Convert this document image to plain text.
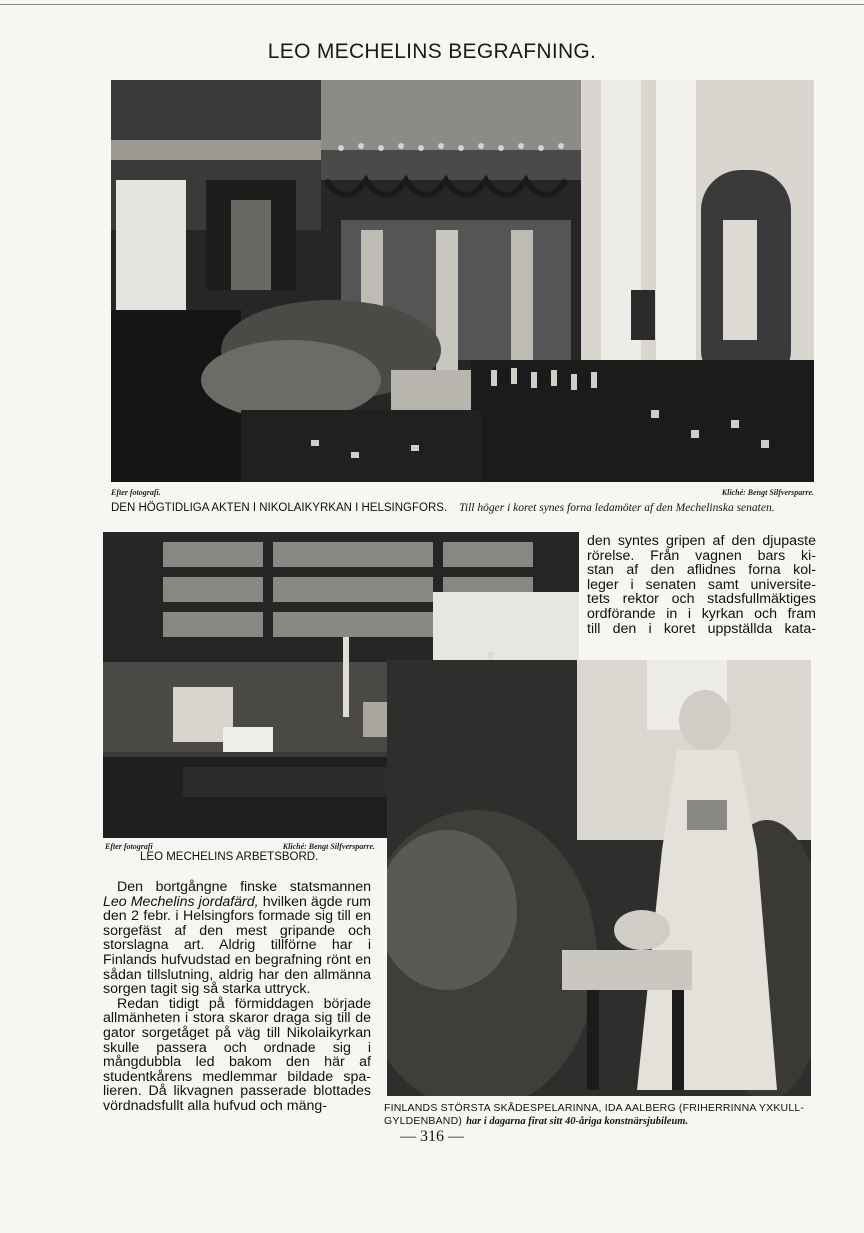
LEO MECHELINS BEGRAFNING.
Efter fotografi.	Kliché: Bengt Silfversparre.
DEN HÖGTIDLIGA AKTEN I NIKOLAIKYRKAN I HELSINGFORS. Till höger i koret synes forna ledamöter af den Mechelinska senaten.
Efter fotografi	Kliché: Bengt Silfversparre.
LEO MECHELINS ARBETSBORD.
den syntes gripen af den djupaste
rörelse. Från vagnen bars ki-
stan af den aflidnes forna kol-
leger i senaten samt universite-
tets rektor och stadsfullmäktiges
ordförande in i kyrkan och fram
till den i koret uppställda kata-

Den bortgångne finske statsmannen Leo Mechelins jordafärd, hvilken ägde rum den 2 febr. i Helsingfors formade sig till en sorgefäst af den mest gripande och storslagna art. Aldrig tillförne har i Finlands hufvudstad en begrafning rönt en sådan tillslutning, aldrig har den allmänna sorgen tagit sig så starka uttryck.

Redan tidigt på förmiddagen började allmänheten i stora skaror draga sig till de gator sorgetåget på väg till Nikolaikyrkan skulle passera och ordnade sig i mångdubbla led bakom den här af studentkårens medlemmar bildade spalieren. Då likvagnen passerade blottades vördnadsfullt alla hufvud och mäng-	FINLANDS STÖRSTA SKÅDESPELARINNA, IDA AALBERG (FRIHERRINNA YXKULL-GYLDENBAND) har i dagarna firat sitt 40-åriga konstnärsjubileum.
— 316 —
